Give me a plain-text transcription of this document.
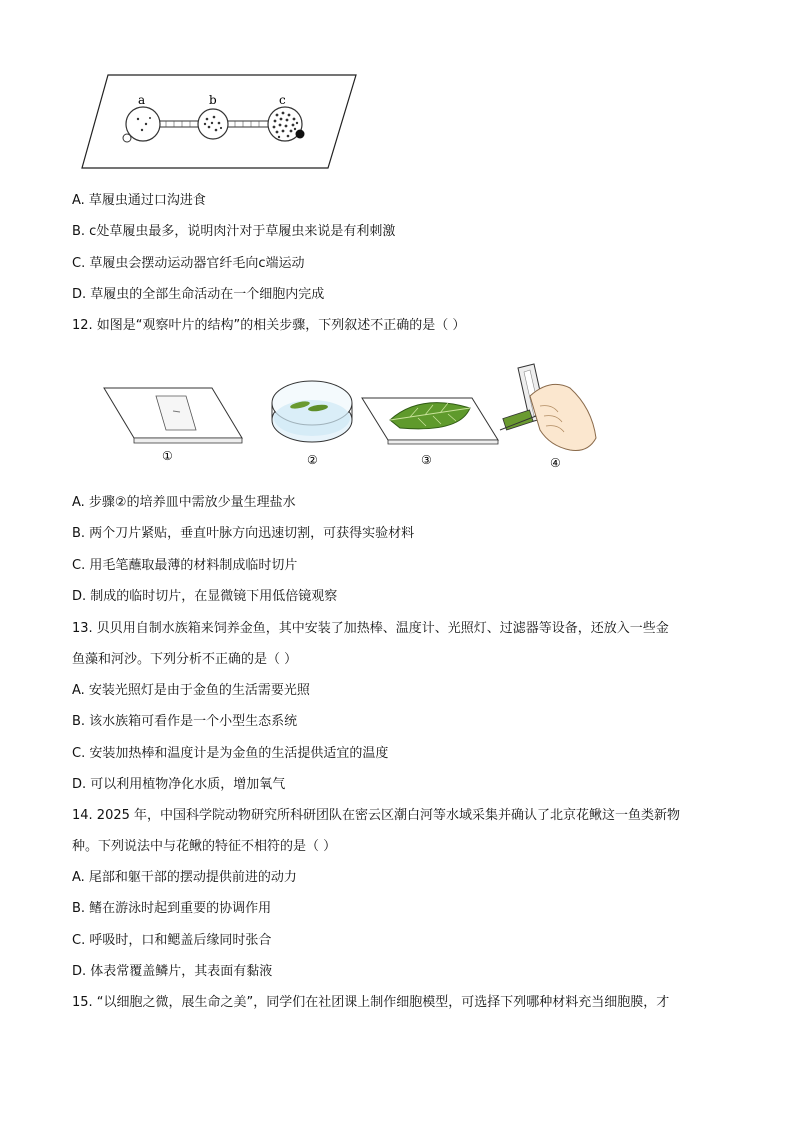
a	b	c
A. 草履虫通过口沟进食
B. c处草履虫最多，说明肉汁对于草履虫来说是有利刺激
C. 草履虫会摆动运动器官纤毛向c端运动
D. 草履虫的全部生命活动在一个细胞内完成
12. 如图是“观察叶片的结构”的相关步骤，下列叙述不正确的是（ ）
①	②	③	④
A. 步骤②的培养皿中需放少量生理盐水
B. 两个刀片紧贴，垂直叶脉方向迅速切割，可获得实验材料
C. 用毛笔蘸取最薄的材料制成临时切片
D. 制成的临时切片，在显微镜下用低倍镜观察
13. 贝贝用自制水族箱来饲养金鱼，其中安装了加热棒、温度计、光照灯、过滤器等设备，还放入一些金
鱼藻和河沙。下列分析不正确的是（ ）
A. 安装光照灯是由于金鱼的生活需要光照
B. 该水族箱可看作是一个小型生态系统
C. 安装加热棒和温度计是为金鱼的生活提供适宜的温度
D. 可以利用植物净化水质，增加氧气
14. 2025 年，中国科学院动物研究所科研团队在密云区潮白河等水域采集并确认了北京花鳅这一鱼类新物
种。下列说法中与花鳅的特征不相符的是（ ）
A. 尾部和躯干部的摆动提供前进的动力
B. 鳍在游泳时起到重要的协调作用
C. 呼吸时，口和鳃盖后缘同时张合
D. 体表常覆盖鳞片，其表面有黏液
15. “以细胞之微，展生命之美”，同学们在社团课上制作细胞模型，可选择下列哪种材料充当细胞膜，才
